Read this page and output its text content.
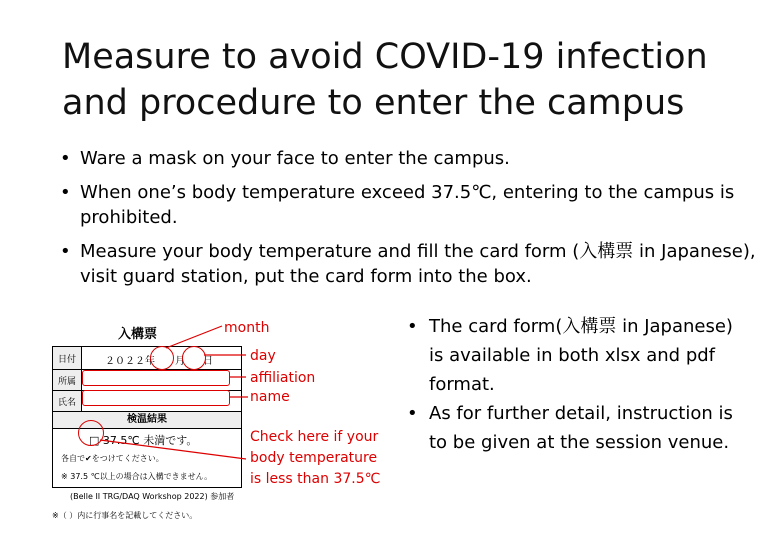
Measure to avoid COVID-19 infection
and procedure to enter the campus
• Ware a mask on your face to enter the campus.
• When one’s body temperature exceed 37.5℃, entering to the campus is prohibited.
• Measure your body temperature and fill the card form (入構票 in Japanese), visit guard station, put the card form into the box.
入構票
日付	２０２２年 月 日
所属
氏名
検温結果
□ 37.5℃ 未満です。
各自で✔をつけてください。
※ 37.5 ℃以上の場合は入構できません。
(Belle II TRG/DAQ Workshop 2022) 参加者
※（ ）内に行事名を記載してください。
month
day
affiliation
name
Check here if your
body temperature
is less than 37.5℃
• The card form(入構票 in Japanese) is available in both xlsx and pdf format.
• As for further detail, instruction is to be given at the session venue.
